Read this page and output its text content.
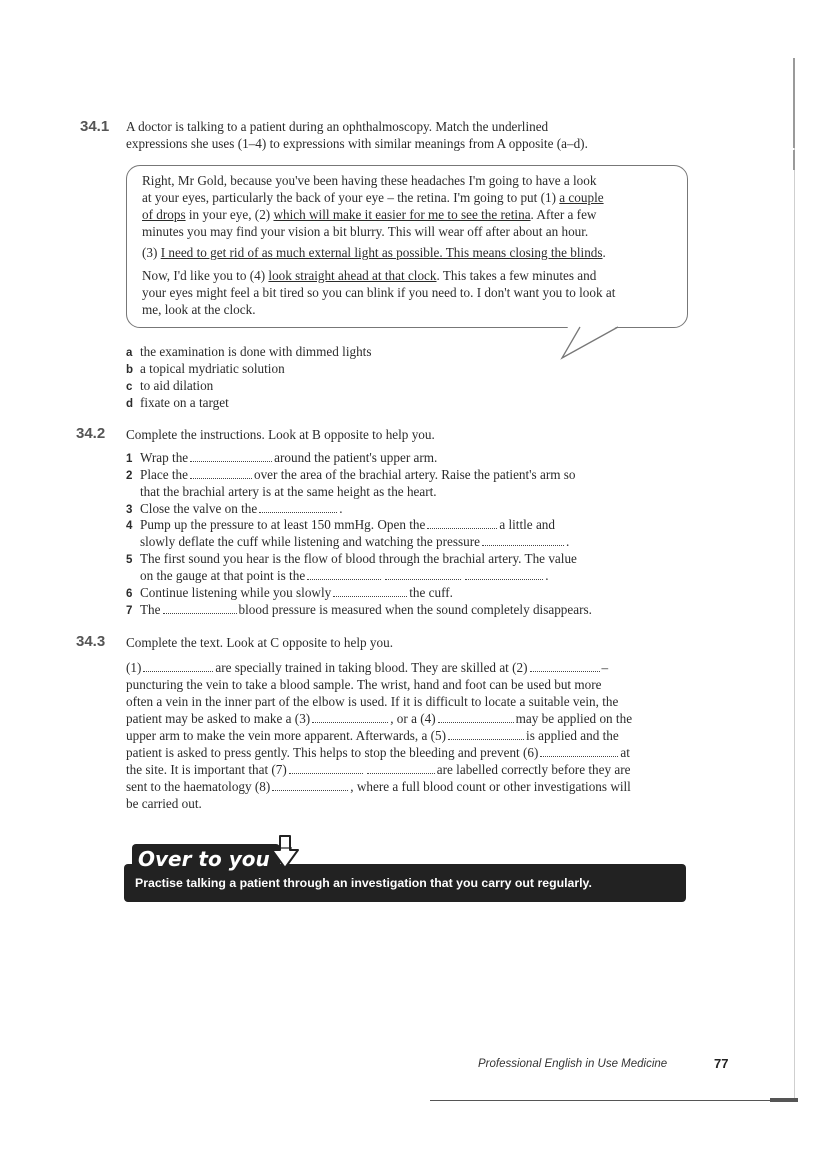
34.1 A doctor is talking to a patient during an ophthalmoscopy. Match the underlined
expressions she uses (1–4) to expressions with similar meanings from A opposite (a–d).
Right, Mr Gold, because you've been having these headaches I'm going to have a look
at your eyes, particularly the back of your eye – the retina. I'm going to put (1) a couple
of drops in your eye, (2) which will make it easier for me to see the retina. After a few
minutes you may find your vision a bit blurry. This will wear off after about an hour.
(3) I need to get rid of as much external light as possible. This means closing the blinds.
Now, I'd like you to (4) look straight ahead at that clock. This takes a few minutes and
your eyes might feel a bit tired so you can blink if you need to. I don't want you to look at
me, look at the clock.
a the examination is done with dimmed lights
b a topical mydriatic solution
c to aid dilation
d fixate on a target
34.2 Complete the instructions. Look at B opposite to help you.
1 Wrap the	around the patient's upper arm.
2 Place the	over the area of the brachial artery. Raise the patient's arm so
that the brachial artery is at the same height as the heart.
3 Close the valve on the	.
4 Pump up the pressure to at least 150 mmHg. Open the	a little and
slowly deflate the cuff while listening and watching the pressure	.
5 The first sound you hear is the flow of blood through the brachial artery. The value
on the gauge at that point is the	.
6 Continue listening while you slowly	the cuff.
7 The	blood pressure is measured when the sound completely disappears.
34.3 Complete the text. Look at C opposite to help you.
(1)	are specially trained in taking blood. They are skilled at (2)	–
puncturing the vein to take a blood sample. The wrist, hand and foot can be used but more
often a vein in the inner part of the elbow is used. If it is difficult to locate a suitable vein, the
patient may be asked to make a (3)	, or a (4)	may be applied on the
upper arm to make the vein more apparent. Afterwards, a (5)	is applied and the
patient is asked to press gently. This helps to stop the bleeding and prevent (6)	at
the site. It is important that (7)	are labelled correctly before they are
sent to the haematology (8)	, where a full blood count or other investigations will
be carried out.
Over to you
Practise talking a patient through an investigation that you carry out regularly.
Professional English in Use Medicine	77
